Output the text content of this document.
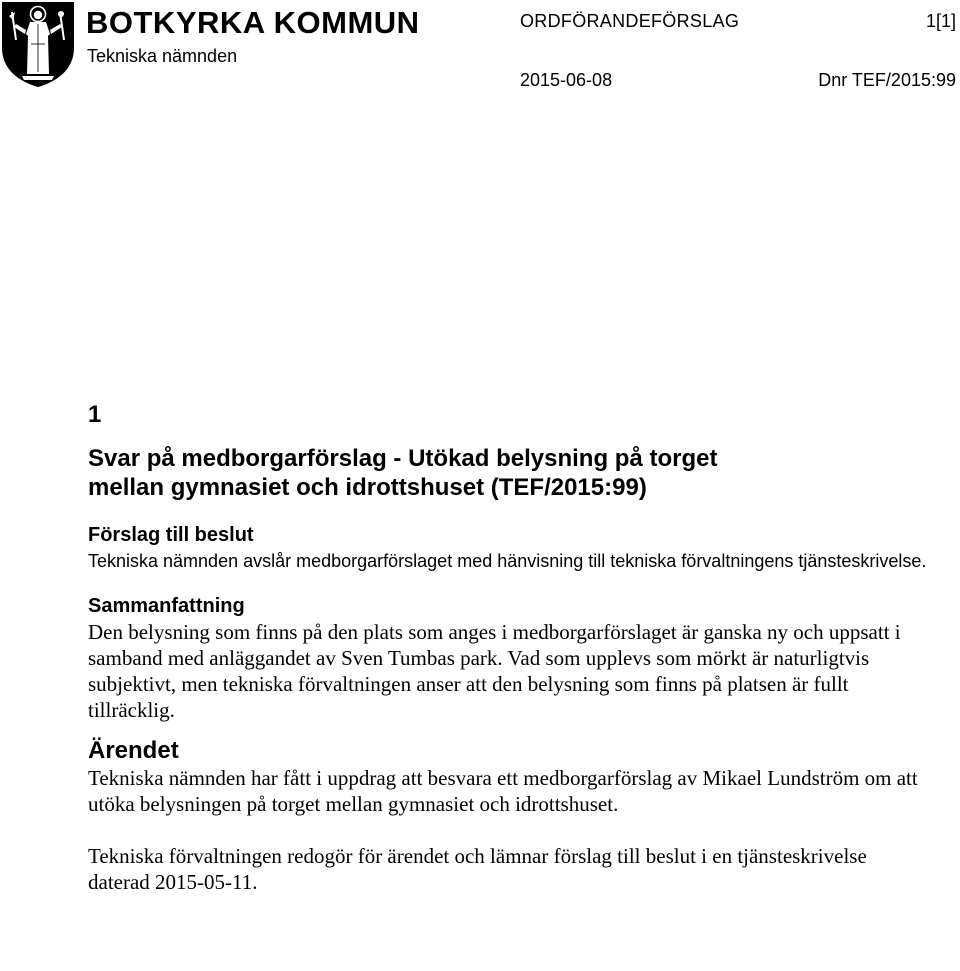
BOTKYRKA KOMMUN
Tekniska nämnden
ORDFÖRANDEFÖRSLAG	1[1]
2015-06-08	Dnr TEF/2015:99

1

Svar på medborgarförslag - Utökad belysning på torget mellan gymnasiet och idrottshuset (TEF/2015:99)

Förslag till beslut

Tekniska nämnden avslår medborgarförslaget med hänvisning till tekniska förvaltningens tjänsteskrivelse.

Sammanfattning

Den belysning som finns på den plats som anges i medborgarförslaget är ganska ny och uppsatt i samband med anläggandet av Sven Tumbas park. Vad som upplevs som mörkt är naturligtvis subjektivt, men tekniska förvaltningen anser att den belysning som finns på platsen är fullt tillräcklig.

Ärendet

Tekniska nämnden har fått i uppdrag att besvara ett medborgarförslag av Mikael Lundström om att utöka belysningen på torget mellan gymnasiet och idrottshuset.

Tekniska förvaltningen redogör för ärendet och lämnar förslag till beslut i en tjänsteskrivelse daterad 2015-05-11.
